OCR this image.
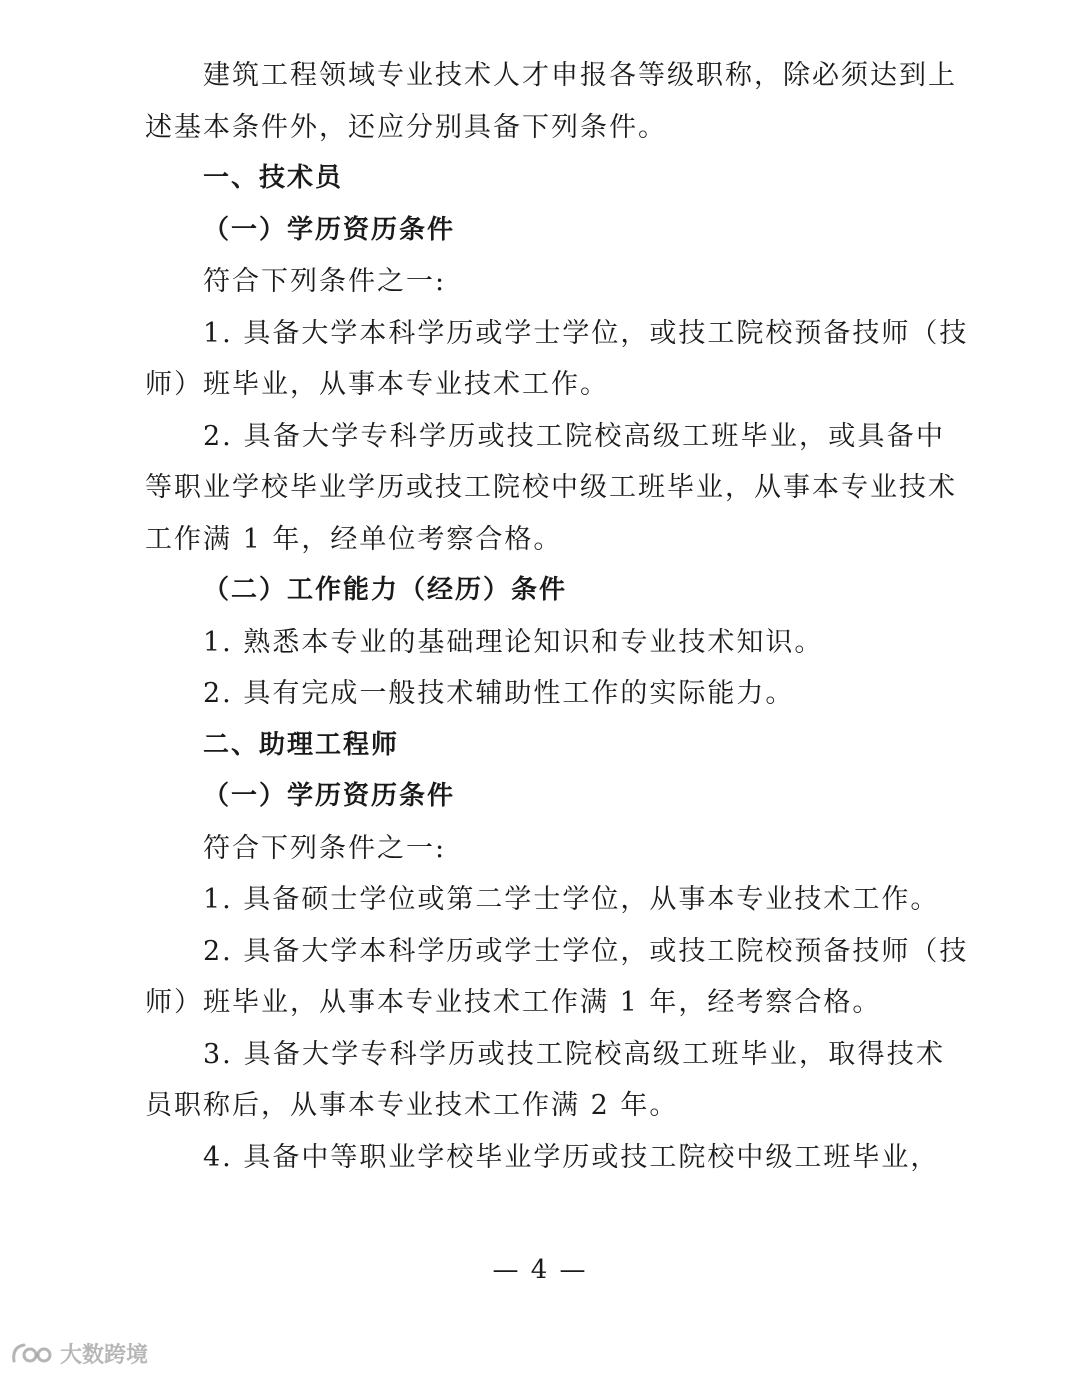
建筑工程领域专业技术人才申报各等级职称，除必须达到上
述基本条件外，还应分别具备下列条件。
一、技术员
（一）学历资历条件
符合下列条件之一:
1. 具备大学本科学历或学士学位，或技工院校预备技师（技
师）班毕业，从事本专业技术工作。
2. 具备大学专科学历或技工院校高级工班毕业，或具备中
等职业学校毕业学历或技工院校中级工班毕业，从事本专业技术
工作满 1 年，经单位考察合格。
（二）工作能力（经历）条件
1. 熟悉本专业的基础理论知识和专业技术知识。
2. 具有完成一般技术辅助性工作的实际能力。
二、助理工程师
（一）学历资历条件
符合下列条件之一:
1. 具备硕士学位或第二学士学位，从事本专业技术工作。
2. 具备大学本科学历或学士学位，或技工院校预备技师（技
师）班毕业，从事本专业技术工作满 1 年，经考察合格。
3. 具备大学专科学历或技工院校高级工班毕业，取得技术
员职称后，从事本专业技术工作满 2 年。
4. 具备中等职业学校毕业学历或技工院校中级工班毕业，
— 4 —
大数跨境
